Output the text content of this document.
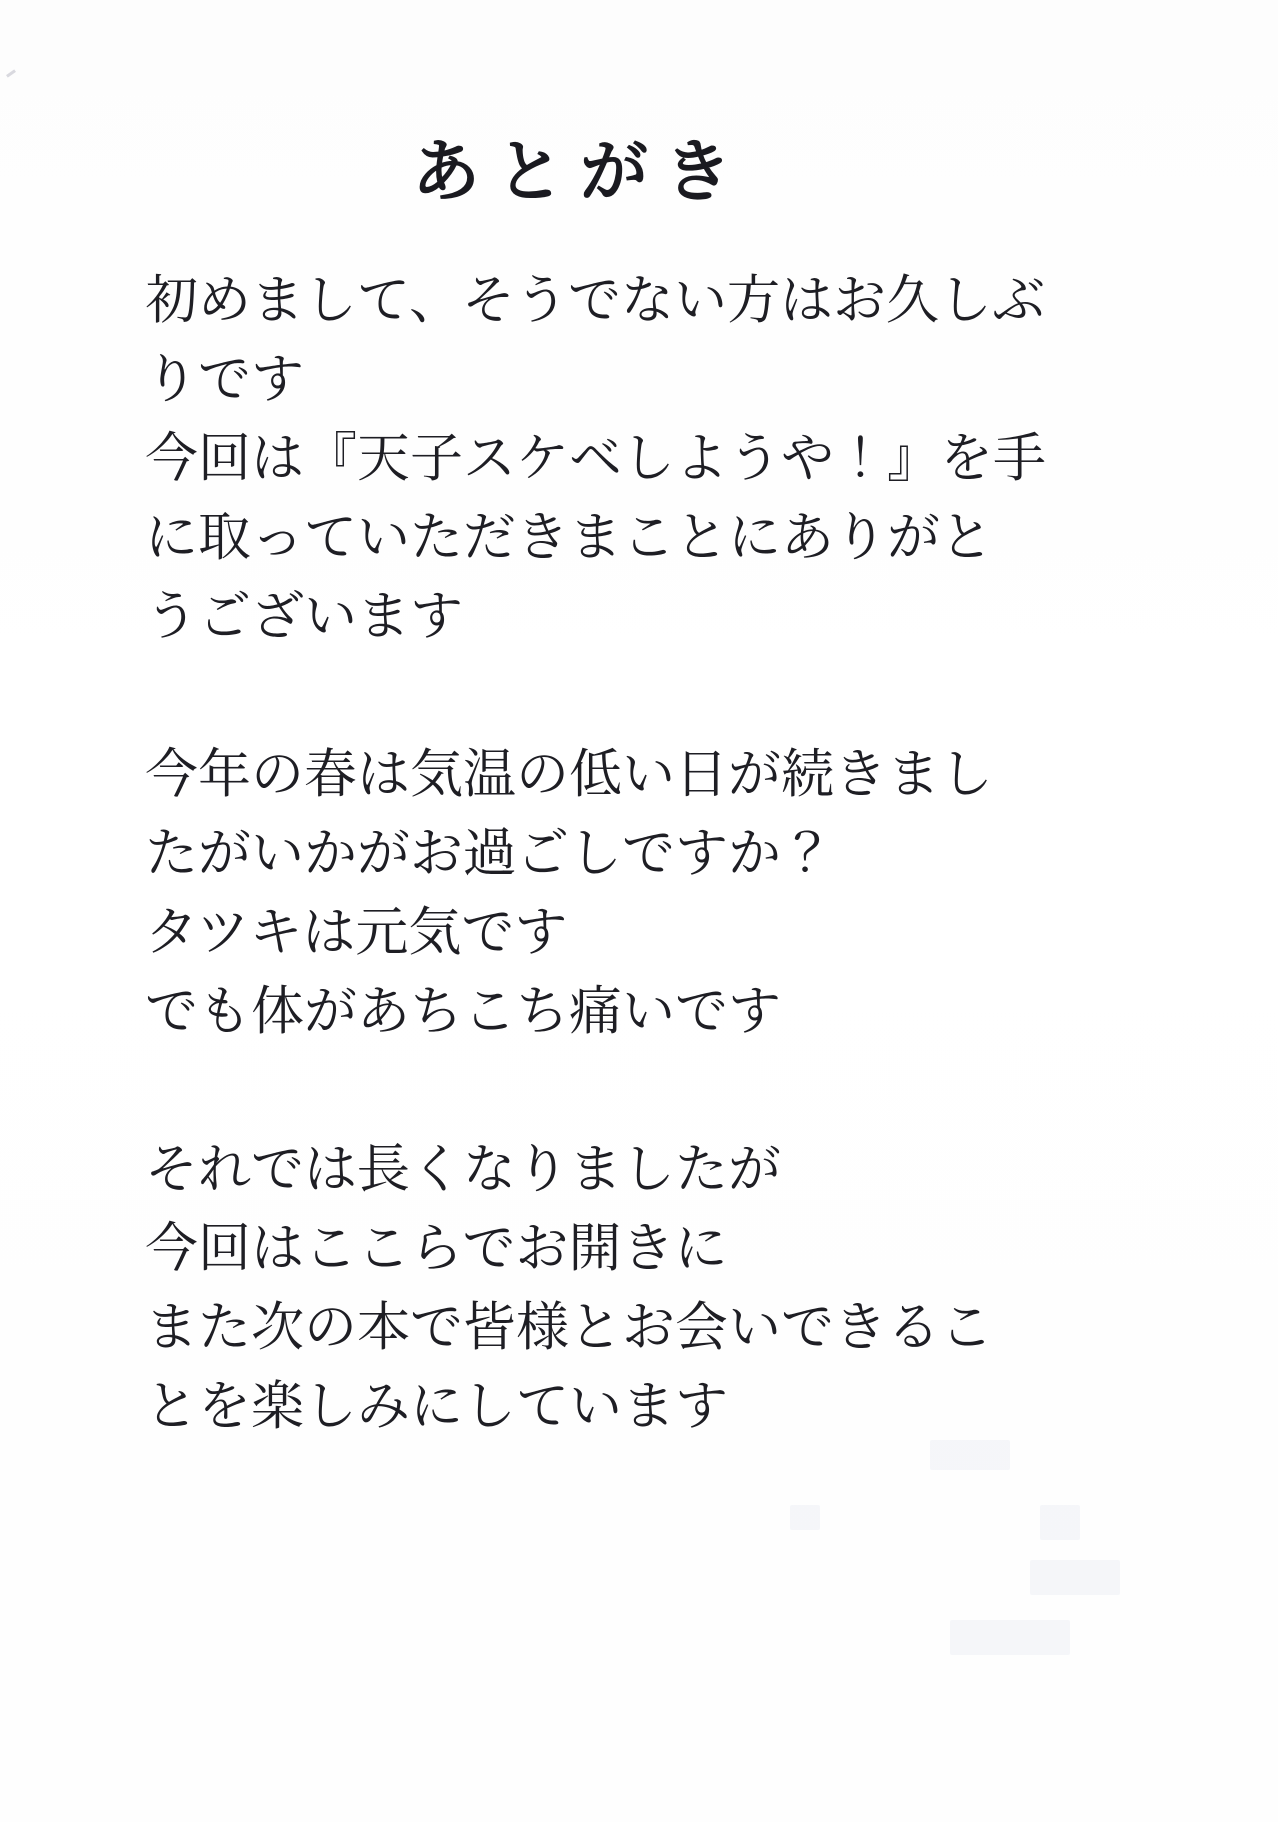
あとがき

初めまして、そうでない方はお久しぶ
りです
今回は『天子スケベしようや！』を手
に取っていただきまことにありがと
うございます

今年の春は気温の低い日が続きまし
たがいかがお過ごしですか？
タツキは元気です
でも体があちこち痛いです

それでは長くなりましたが
今回はここらでお開きに
また次の本で皆様とお会いできるこ
とを楽しみにしています
